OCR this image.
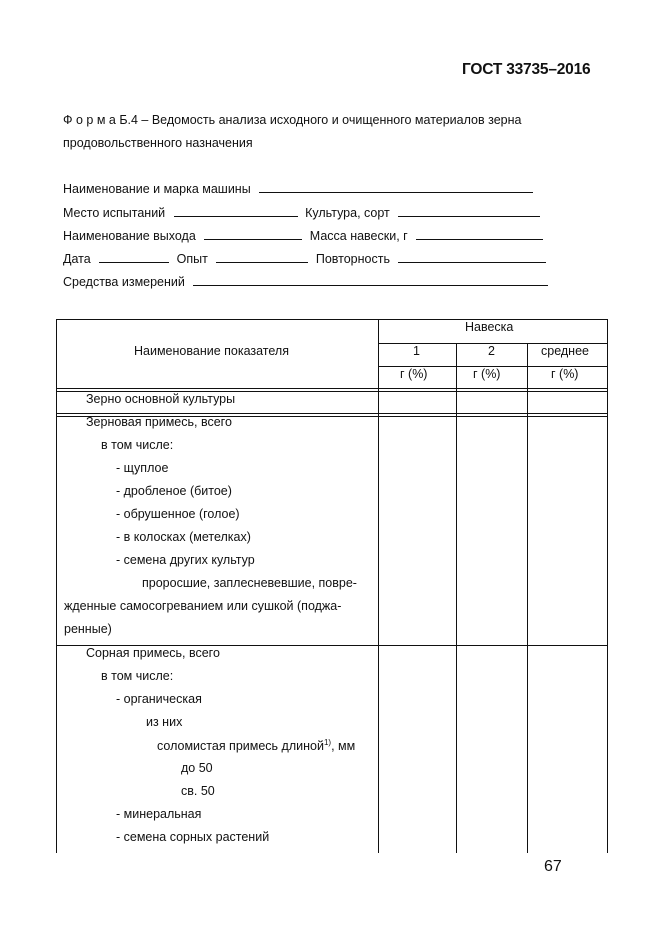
ГОСТ 33735–2016
Ф о р м а Б.4 – Ведомость анализа исходного и очищенного материалов зерна
продовольственного назначения
Наименование и марка машины
Место испытаний	Культура, сорт
Наименование выхода	Масса навески, г
Дата	Опыт	Повторность
Средства измерений
Наименование показателя
Навеска
1	2	среднее
г (%)	г (%)	г (%)
Зерно основной культуры
Зерновая примесь, всего
в том числе:
- щуплое
- дробленое (битое)
- обрушенное (голое)
- в колосках (метелках)
- семена других культур
проросшие, заплесневевшие, повре-
жденные самосогреванием или сушкой (поджа-
ренные)
Сорная примесь, всего
в том числе:
- органическая
из них
соломистая примесь длиной$^{1)}$, мм
до 50
св. 50
- минеральная
- семена сорных растений
67
